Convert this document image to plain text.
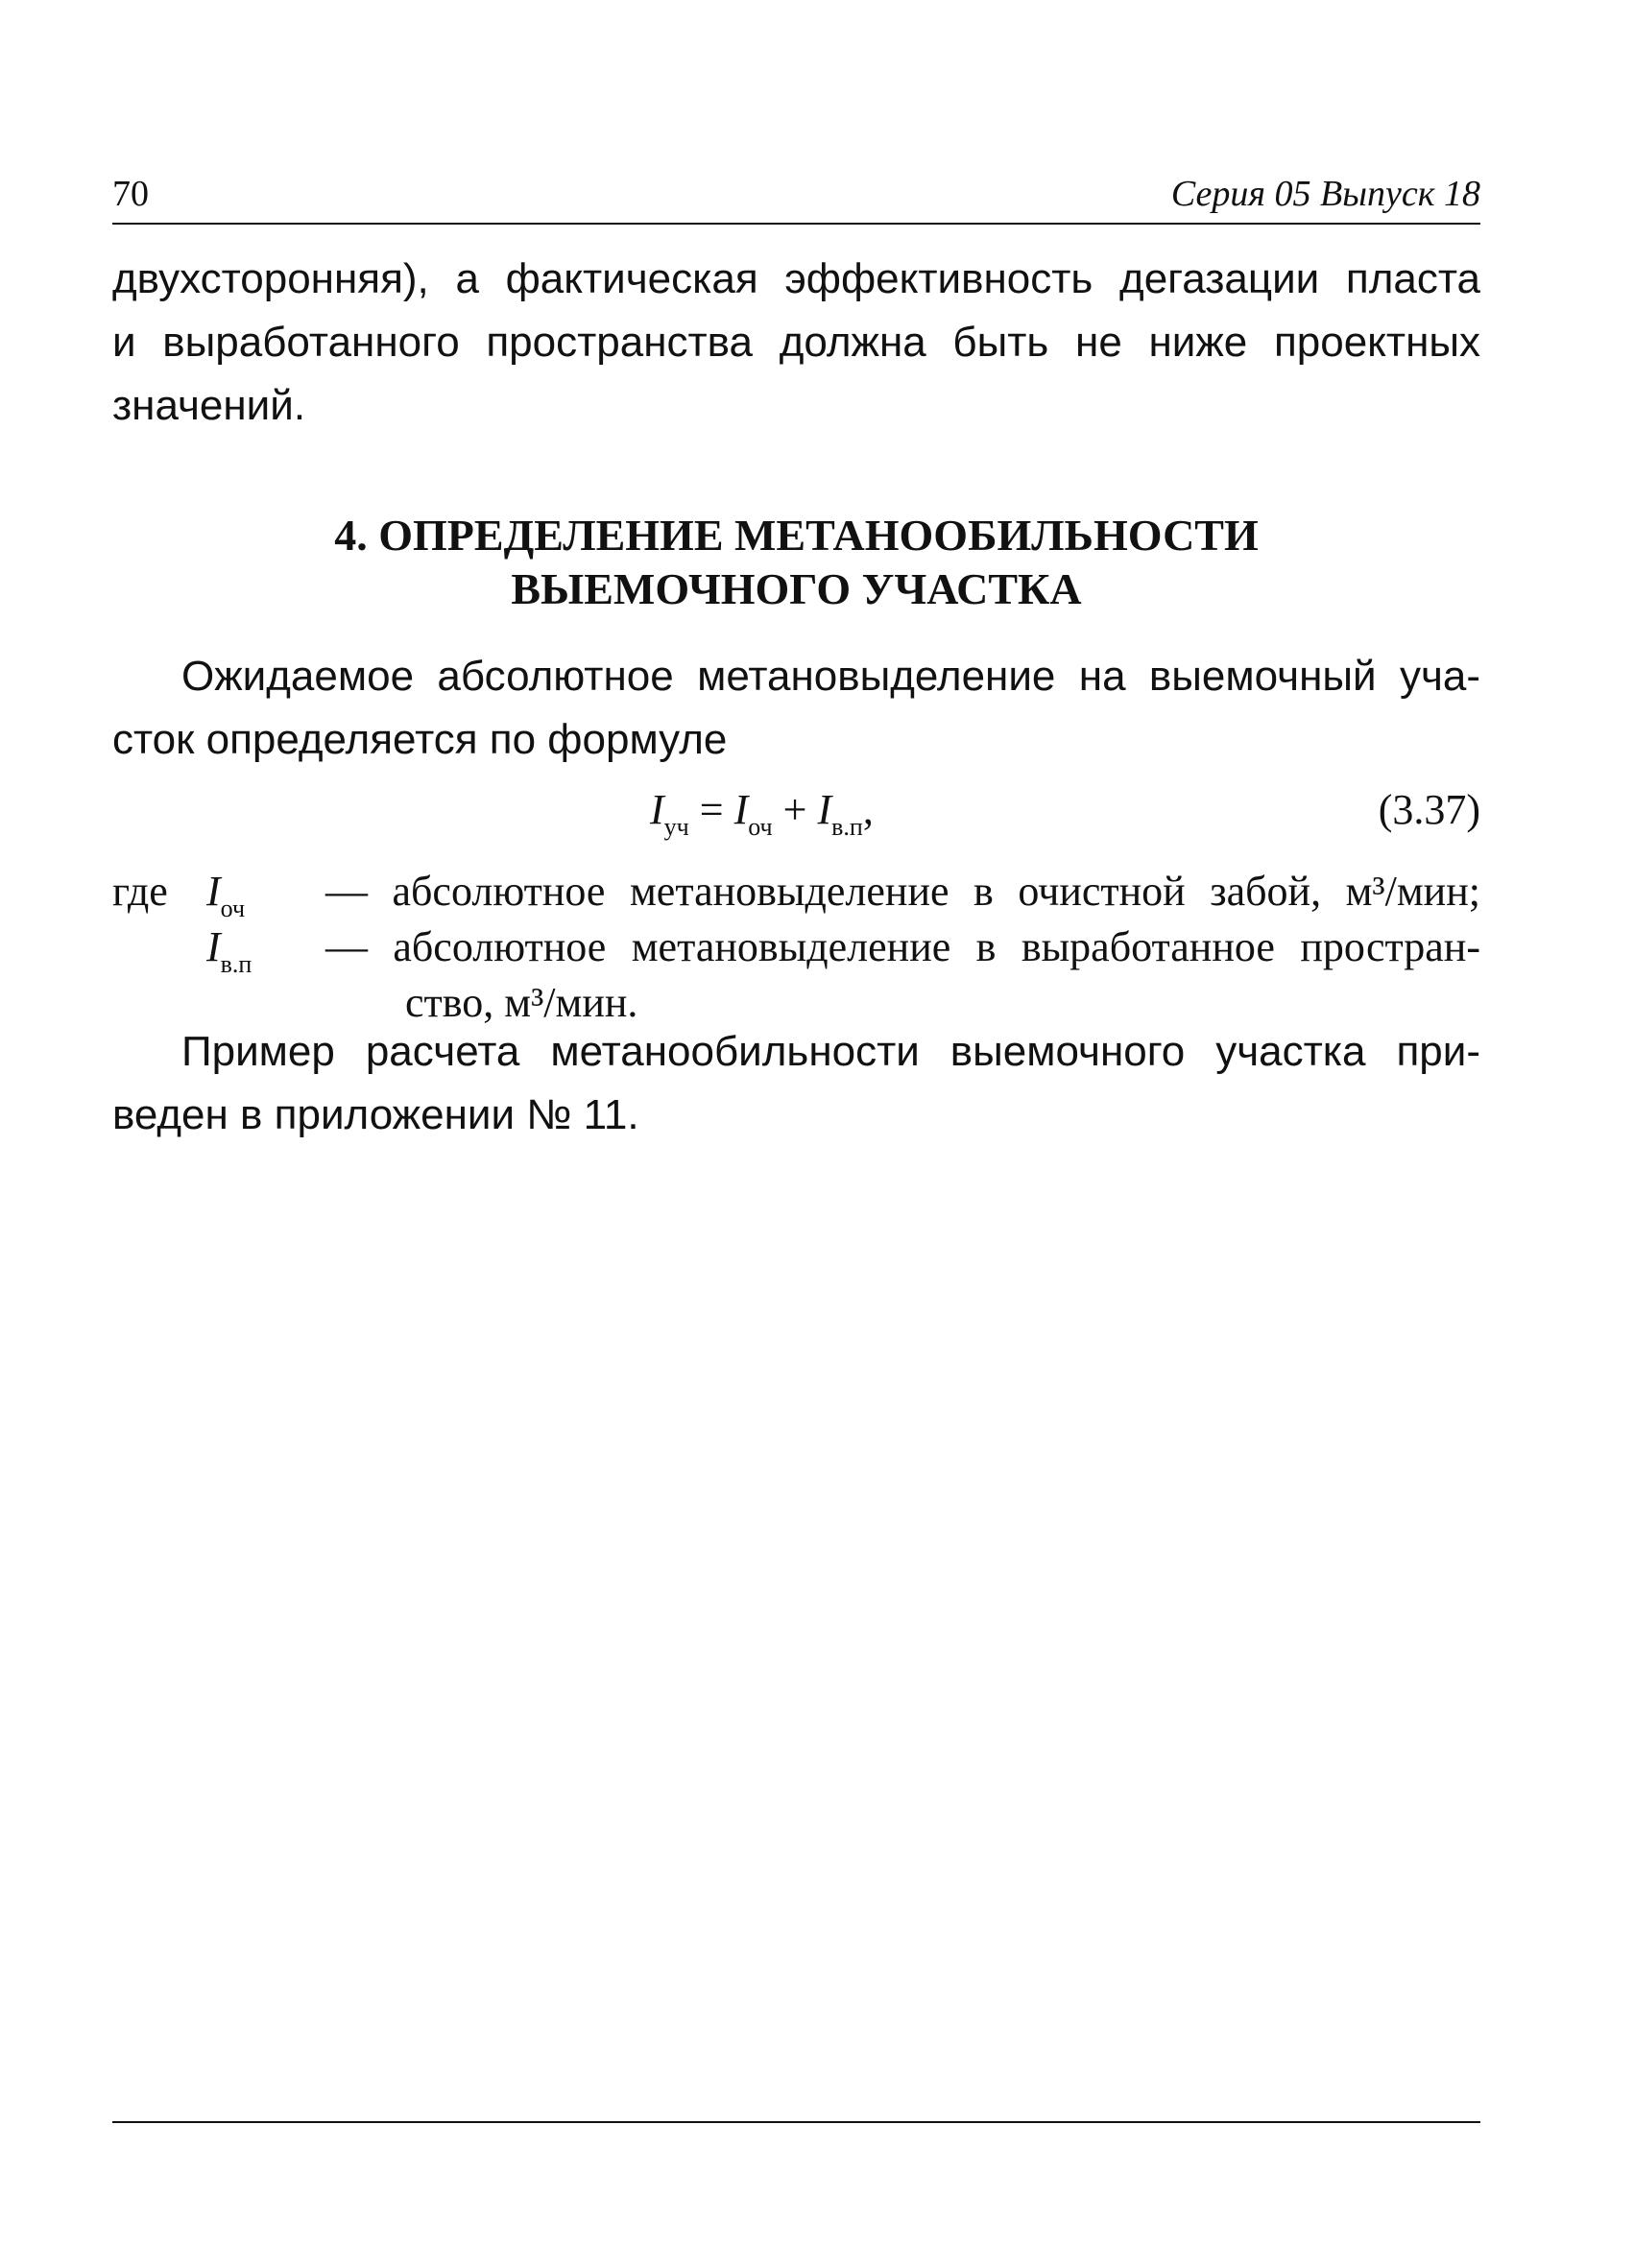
70	Серия 05 Выпуск 18
двухсторонняя), а фактическая эффективность дегазации пласта
и выработанного пространства должна быть не ниже проектных
значений.
4. ОПРЕДЕЛЕНИЕ МЕТАНООБИЛЬНОСТИ
ВЫЕМОЧНОГО УЧАСТКА
Ожидаемое абсолютное метановыделение на выемочный уча-
сток определяется по формуле
$I_{уч} = I_{оч} + I_{в.п}$,	(3.37)
где $I_{оч}$ — абсолютное метановыделение в очистной забой, м³/мин;
$I_{в.п}$ — абсолютное метановыделение в выработанное простран-
ство, м³/мин.
Пример расчета метанообильности выемочного участка при-
веден в приложении № 11.
